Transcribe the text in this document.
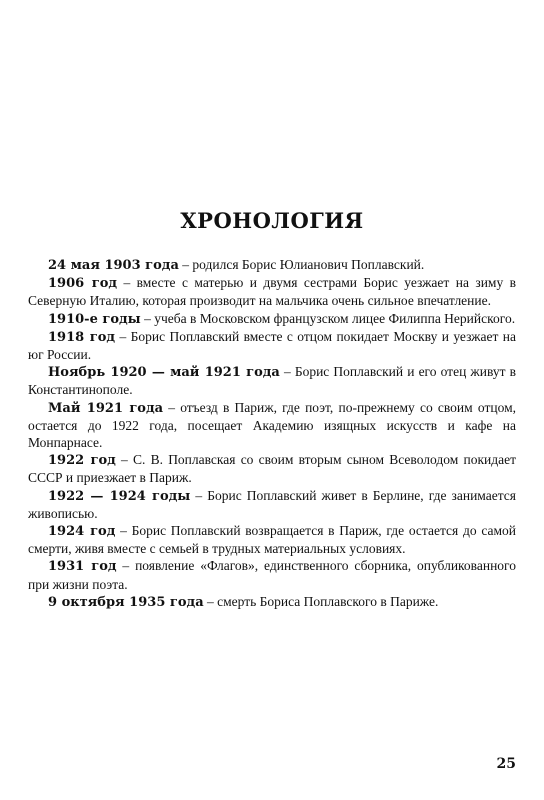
ХРОНОЛОГИЯ

24 мая 1903 года – родился Борис Юлианович Поплавский.

1906 год – вместе с матерью и двумя сестрами Борис уезжает на зиму в Северную Италию, которая производит на мальчика очень сильное впечатление.

1910-е годы – учеба в Московском французском лицее Филиппа Нерийского.

1918 год – Борис Поплавский вместе с отцом покидает Москву и уезжает на юг России.

Ноябрь 1920 — май 1921 года – Борис Поплавский и его отец живут в Константинополе.

Май 1921 года – отъезд в Париж, где поэт, по-прежнему со своим отцом, остается до 1922 года, посещает Академию изящных искусств и кафе на Монпарнасе.

1922 год – С. В. Поплавская со своим вторым сыном Всеволодом покидает СССР и приезжает в Париж.

1922 — 1924 годы – Борис Поплавский живет в Берлине, где занимается живописью.

1924 год – Борис Поплавский возвращается в Париж, где остается до самой смерти, живя вместе с семьей в трудных материальных условиях.

1931 год – появление «Флагов», единственного сборника, опубликованного при жизни поэта.

9 октября 1935 года – смерть Бориса Поплавского в Париже.

25
